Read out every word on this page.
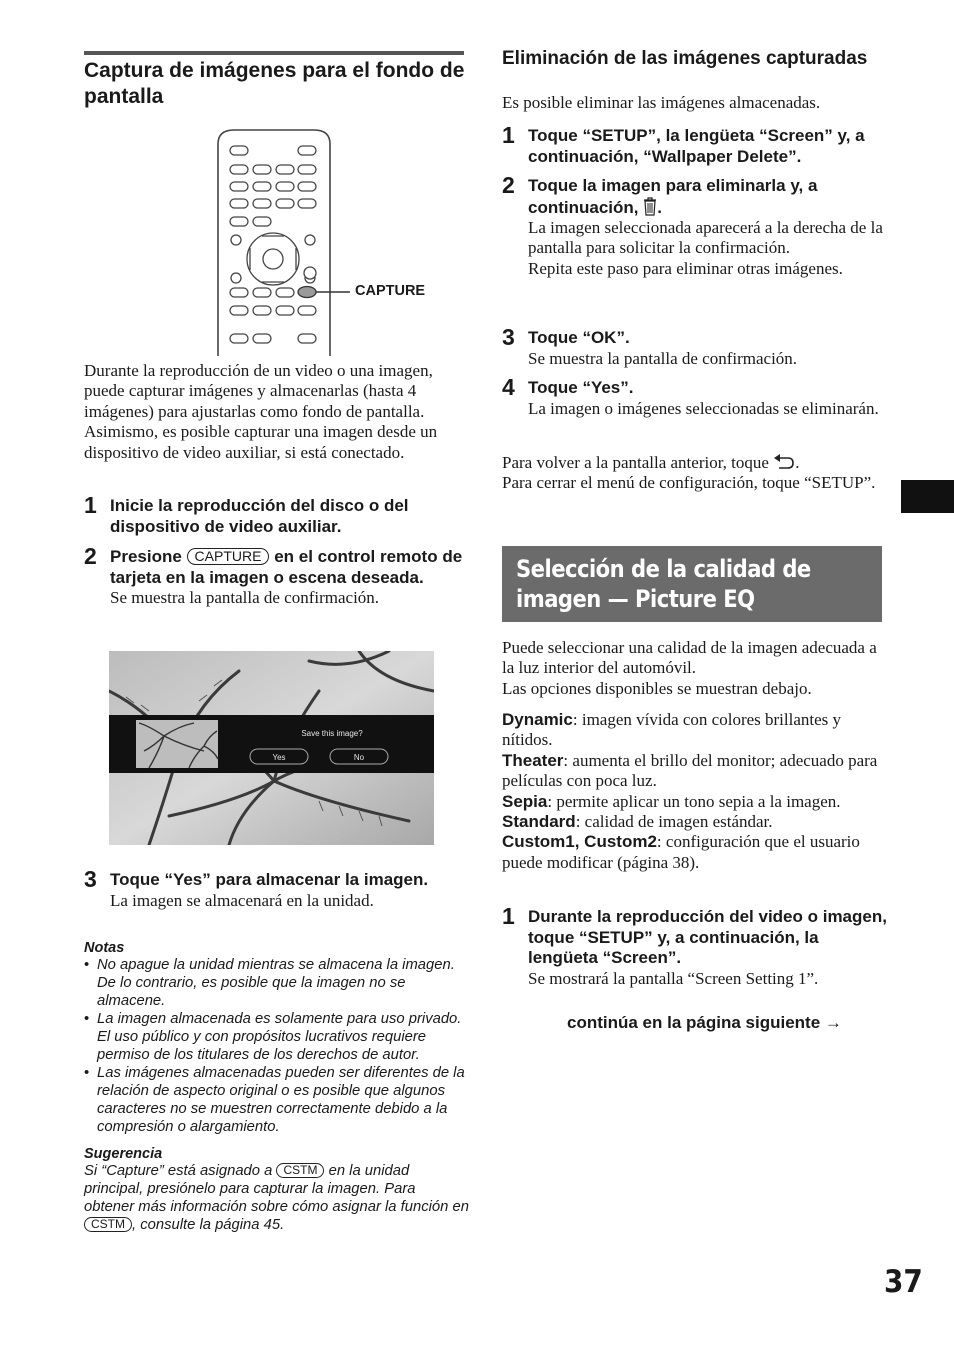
Captura de imágenes para el fondo de pantalla
CAPTURE

Durante la reproducción de un video o una imagen, puede capturar imágenes y almacenarlas (hasta 4 imágenes) para ajustarlas como fondo de pantalla. Asimismo, es posible capturar una imagen desde un dispositivo de video auxiliar, si está conectado.

1 Inicie la reproducción del disco o del dispositivo de video auxiliar.
2 Presione CAPTURE en el control remoto de tarjeta en la imagen o escena deseada.
Se muestra la pantalla de confirmación.
Save this image?
Yes	No
3 Toque “Yes” para almacenar la imagen.
La imagen se almacenará en la unidad.
Notas
• No apague la unidad mientras se almacena la imagen. De lo contrario, es posible que la imagen no se almacene.
• La imagen almacenada es solamente para uso privado. El uso público y con propósitos lucrativos requiere permiso de los titulares de los derechos de autor.
• Las imágenes almacenadas pueden ser diferentes de la relación de aspecto original o es posible que algunos caracteres no se muestren correctamente debido a la compresión o alargamiento.
Sugerencia
Si “Capture” está asignado a CSTM en la unidad principal, presiónelo para capturar la imagen. Para obtener más información sobre cómo asignar la función en CSTM , consulte la página 45.
Eliminación de las imágenes capturadas

Es posible eliminar las imágenes almacenadas.

1 Toque “SETUP”, la lengüeta “Screen” y, a continuación, “Wallpaper Delete”.
2 Toque la imagen para eliminarla y, a continuación, .
La imagen seleccionada aparecerá a la derecha de la pantalla para solicitar la confirmación.
Repita este paso para eliminar otras imágenes.
3 Toque “OK”.
Se muestra la pantalla de confirmación.
4 Toque “Yes”.
La imagen o imágenes seleccionadas se eliminarán.

Para volver a la pantalla anterior, toque .

Para cerrar el menú de configuración, toque “SETUP”.

Selección de la calidad de imagen — Picture EQ

Puede seleccionar una calidad de la imagen adecuada a la luz interior del automóvil.

Las opciones disponibles se muestran debajo.

Dynamic: imagen vívida con colores brillantes y nítidos.

Theater: aumenta el brillo del monitor; adecuado para películas con poca luz.

Sepia: permite aplicar un tono sepia a la imagen.

Standard: calidad de imagen estándar.

Custom1, Custom2: configuración que el usuario puede modificar (página 38).

1 Durante la reproducción del video o imagen, toque “SETUP” y, a continuación, la lengüeta “Screen”.
Se mostrará la pantalla “Screen Setting 1”.
continúa en la página siguiente →
37
